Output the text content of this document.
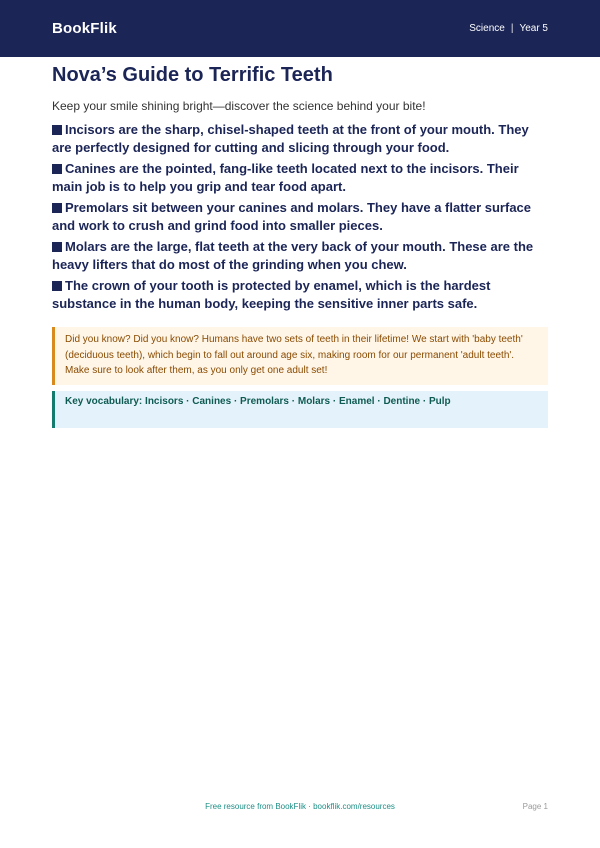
BookFlik	Science | Year 5
Nova’s Guide to Terrific Teeth
Keep your smile shining bright—discover the science behind your bite!
Incisors are the sharp, chisel-shaped teeth at the front of your mouth. They are perfectly designed for cutting and slicing through your food.
Canines are the pointed, fang-like teeth located next to the incisors. Their main job is to help you grip and tear food apart.
Premolars sit between your canines and molars. They have a flatter surface and work to crush and grind food into smaller pieces.
Molars are the large, flat teeth at the very back of your mouth. These are the heavy lifters that do most of the grinding when you chew.
The crown of your tooth is protected by enamel, which is the hardest substance in the human body, keeping the sensitive inner parts safe.
Did you know? Did you know? Humans have two sets of teeth in their lifetime! We start with 'baby teeth' (deciduous teeth), which begin to fall out around age six, making room for our permanent 'adult teeth'. Make sure to look after them, as you only get one adult set!
Key vocabulary: Incisors · Canines · Premolars · Molars · Enamel · Dentine · Pulp
Free resource from BookFlik · bookflik.com/resources	Page 1
